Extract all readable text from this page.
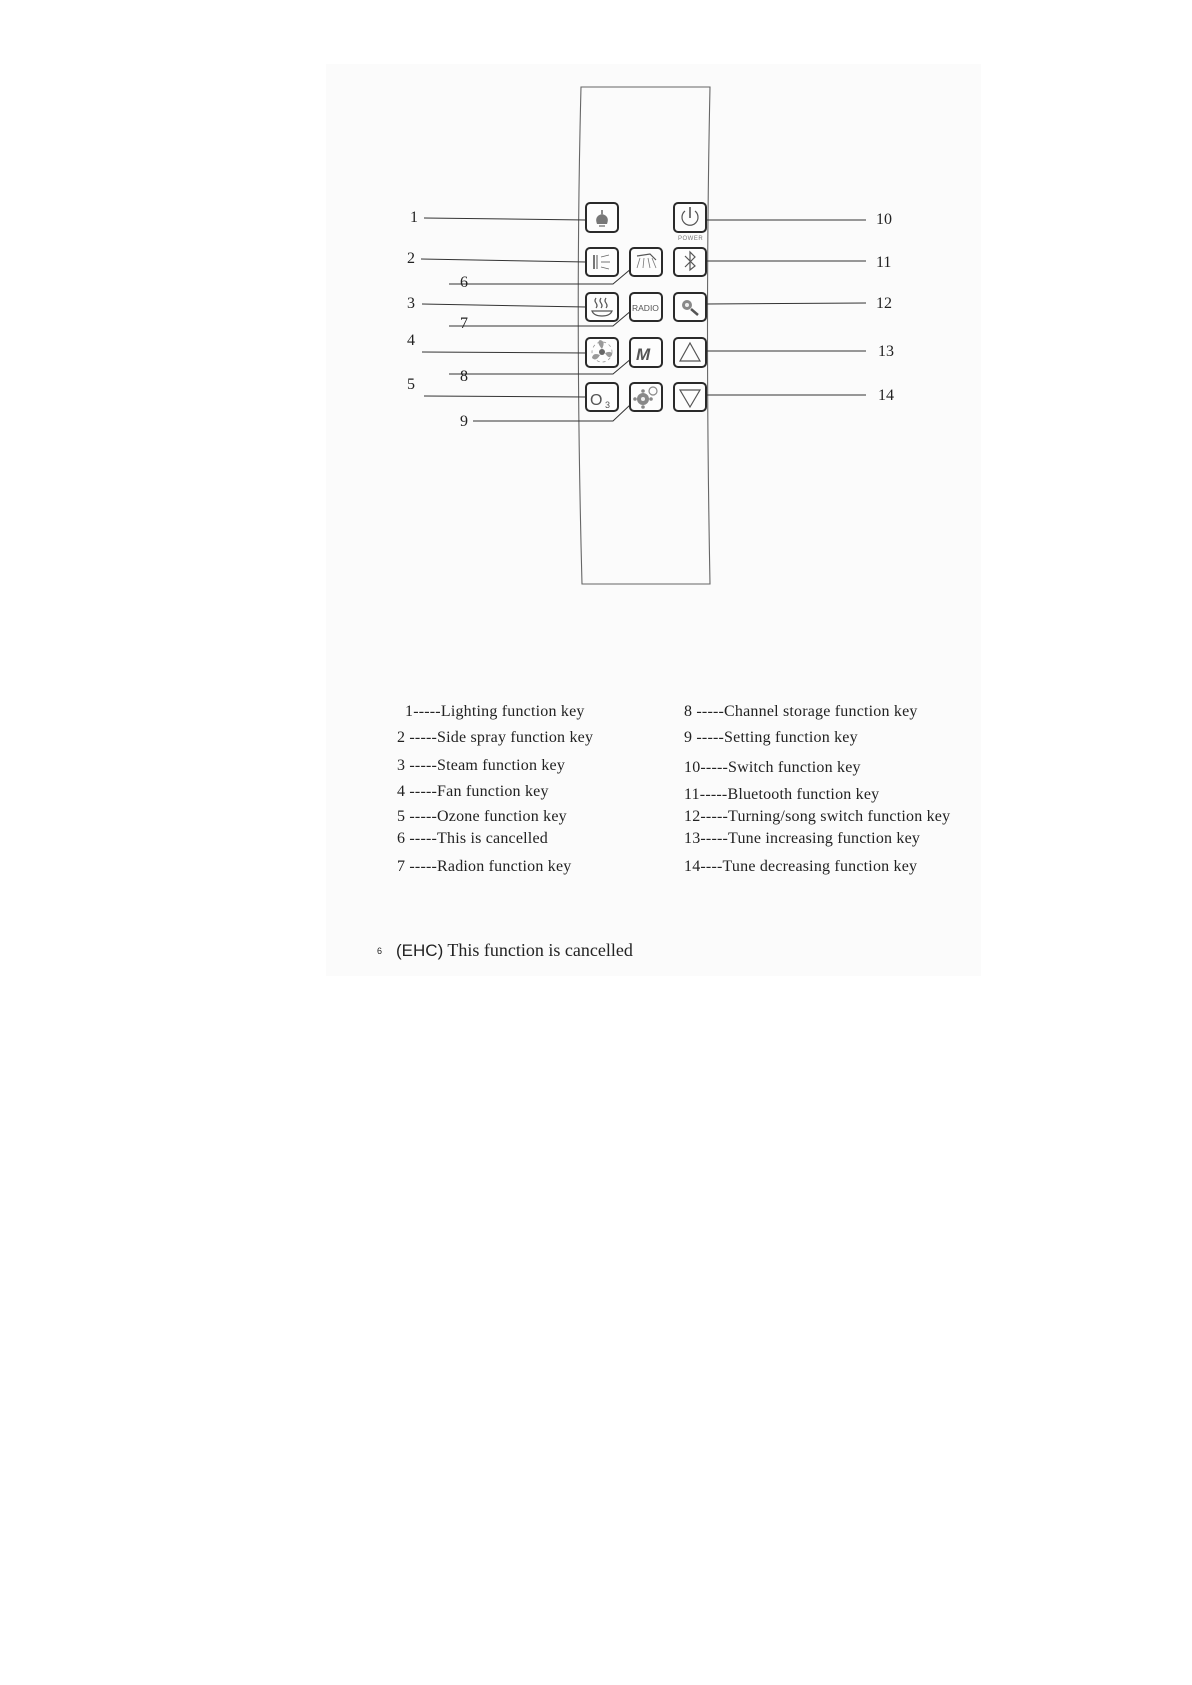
1
2
3
4
5
6
7
8
9
10
11
12
13
14
POWER
RADIO
M
O 3
1-----Lighting function key
2 -----Side spray function key
3 -----Steam function key
4 -----Fan function key
5 -----Ozone function key
6 -----This is cancelled
7 -----Radion function key
8 -----Channel storage function key
9 -----Setting function key
10-----Switch function key
11-----Bluetooth function key
12-----Turning/song switch function key
13-----Tune increasing function key
14----Tune decreasing function key
6 (EHC) This function is cancelled
